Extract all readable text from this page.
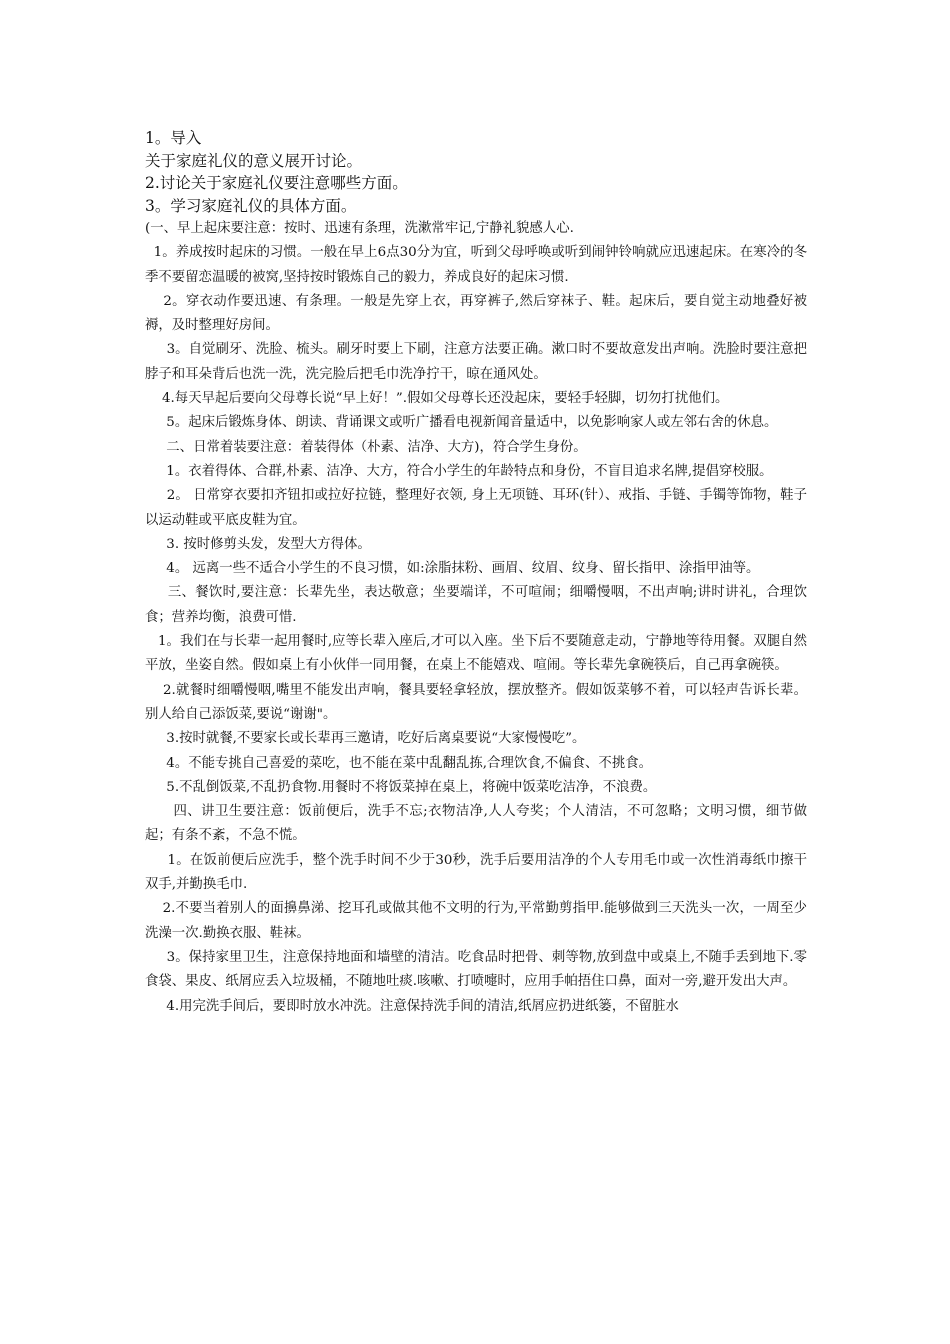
1。导入

关于家庭礼仪的意义展开讨论。

2.讨论关于家庭礼仪要注意哪些方面。

3。学习家庭礼仪的具体方面。

(一、早上起床要注意：按时、迅速有条理，洗漱常牢记,宁静礼貌感人心.

1。养成按时起床的习惯。一般在早上6点30分为宜，听到父母呼唤或听到闹钟铃响就应迅速起床。在寒冷的冬季不要留恋温暖的被窝,坚持按时锻炼自己的毅力，养成良好的起床习惯.

2。穿衣动作要迅速、有条理。一般是先穿上衣，再穿裤子,然后穿袜子、鞋。起床后，要自觉主动地叠好被褥，及时整理好房间。

3。自觉刷牙、洗脸、梳头。刷牙时要上下刷，注意方法要正确。漱口时不要故意发出声响。洗脸时要注意把脖子和耳朵背后也洗一洗，洗完脸后把毛巾洗净拧干，晾在通风处。

4.每天早起后要向父母尊长说“早上好！”.假如父母尊长还没起床，要轻手轻脚，切勿打扰他们。

5。起床后锻炼身体、朗读、背诵课文或听广播看电视新闻音量适中，以免影响家人或左邻右舍的休息。

二、日常着装要注意：着装得体（朴素、洁净、大方)，符合学生身份。

1。衣着得体、合群,朴素、洁净、大方，符合小学生的年龄特点和身份，不盲目追求名牌,提倡穿校服。

2。 日常穿衣要扣齐钮扣或拉好拉链，整理好衣领, 身上无项链、耳环(针）、戒指、手链、手镯等饰物，鞋子以运动鞋或平底皮鞋为宜。

3. 按时修剪头发，发型大方得体。

4。 远离一些不适合小学生的不良习惯，如:涂脂抹粉、画眉、纹眉、纹身、留长指甲、涂指甲油等。

三、餐饮时,要注意：长辈先坐，表达敬意；坐要端详，不可喧闹；细嚼慢咽，不出声响;讲时讲礼，合理饮食；营养均衡，浪费可惜.

1。我们在与长辈一起用餐时,应等长辈入座后,才可以入座。坐下后不要随意走动，宁静地等待用餐。双腿自然平放，坐姿自然。假如桌上有小伙伴一同用餐，在桌上不能嬉戏、喧闹。等长辈先拿碗筷后，自己再拿碗筷。

2.就餐时细嚼慢咽,嘴里不能发出声响，餐具要轻拿轻放，摆放整齐。假如饭菜够不着，可以轻声告诉长辈。别人给自己添饭菜,要说“谢谢"。

3.按时就餐,不要家长或长辈再三邀请，吃好后离桌要说“大家慢慢吃”。

4。不能专挑自己喜爱的菜吃，也不能在菜中乱翻乱拣,合理饮食,不偏食、不挑食。

5.不乱倒饭菜,不乱扔食物.用餐时不将饭菜掉在桌上，将碗中饭菜吃洁净，不浪费。

四、讲卫生要注意：饭前便后，洗手不忘;衣物洁净,人人夸奖；个人清洁，不可忽略；文明习惯，细节做起；有条不紊，不急不慌。

1。在饭前便后应洗手，整个洗手时间不少于30秒，洗手后要用洁净的个人专用毛巾或一次性消毒纸巾擦干双手,并勤换毛巾.

2.不要当着别人的面擤鼻涕、挖耳孔或做其他不文明的行为,平常勤剪指甲.能够做到三天洗头一次，一周至少洗澡一次.勤换衣服、鞋袜。

3。保持家里卫生，注意保持地面和墙壁的清洁。吃食品时把骨、刺等物,放到盘中或桌上,不随手丢到地下.零食袋、果皮、纸屑应丢入垃圾桶，不随地吐痰.咳嗽、打喷嚏时，应用手帕捂住口鼻，面对一旁,避开发出大声。

4.用完洗手间后，要即时放水冲洗。注意保持洗手间的清洁,纸屑应扔进纸篓，不留脏水
